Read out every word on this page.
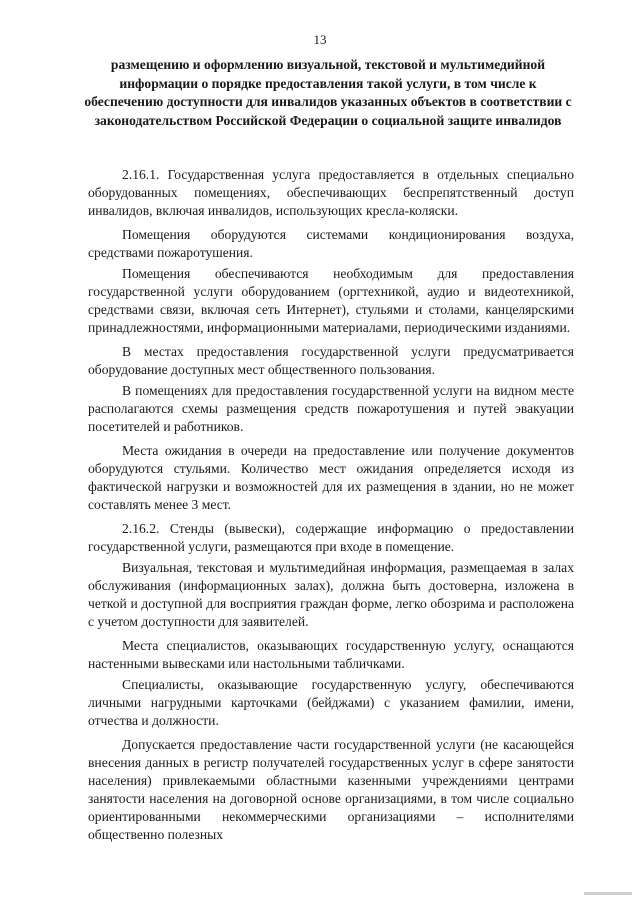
13
размещению и оформлению визуальной, текстовой и мультимедийной информации о порядке предоставления такой услуги, в том числе к обеспечению доступности для инвалидов указанных объектов в соответствии с законодательством Российской Федерации о социальной защите инвалидов

2.16.1. Государственная услуга предоставляется в отдельных специально оборудованных помещениях, обеспечивающих беспрепятственный доступ инвалидов, включая инвалидов, использующих кресла-коляски.

Помещения оборудуются системами кондиционирования воздуха, средствами пожаротушения.

Помещения обеспечиваются необходимым для предоставления государственной услуги оборудованием (оргтехникой, аудио и видеотехникой, средствами связи, включая сеть Интернет), стульями и столами, канцелярскими принадлежностями, информационными материалами, периодическими изданиями.

В местах предоставления государственной услуги предусматривается оборудование доступных мест общественного пользования.

В помещениях для предоставления государственной услуги на видном месте располагаются схемы размещения средств пожаротушения и путей эвакуации посетителей и работников.

Места ожидания в очереди на предоставление или получение документов оборудуются стульями. Количество мест ожидания определяется исходя из фактической нагрузки и возможностей для их размещения в здании, но не может составлять менее 3 мест.

2.16.2. Стенды (вывески), содержащие информацию о предоставлении государственной услуги, размещаются при входе в помещение.

Визуальная, текстовая и мультимедийная информация, размещаемая в залах обслуживания (информационных залах), должна быть достоверна, изложена в четкой и доступной для восприятия граждан форме, легко обозрима и расположена с учетом доступности для заявителей.

Места специалистов, оказывающих государственную услугу, оснащаются настенными вывесками или настольными табличками.

Специалисты, оказывающие государственную услугу, обеспечиваются личными нагрудными карточками (бейджами) с указанием фамилии, имени, отчества и должности.

Допускается предоставление части государственной услуги (не касающейся внесения данных в регистр получателей государственных услуг в сфере занятости населения) привлекаемыми областными казенными учреждениями центрами занятости населения на договорной основе организациями, в том числе социально ориентированными некоммерческими организациями – исполнителями общественно полезных
